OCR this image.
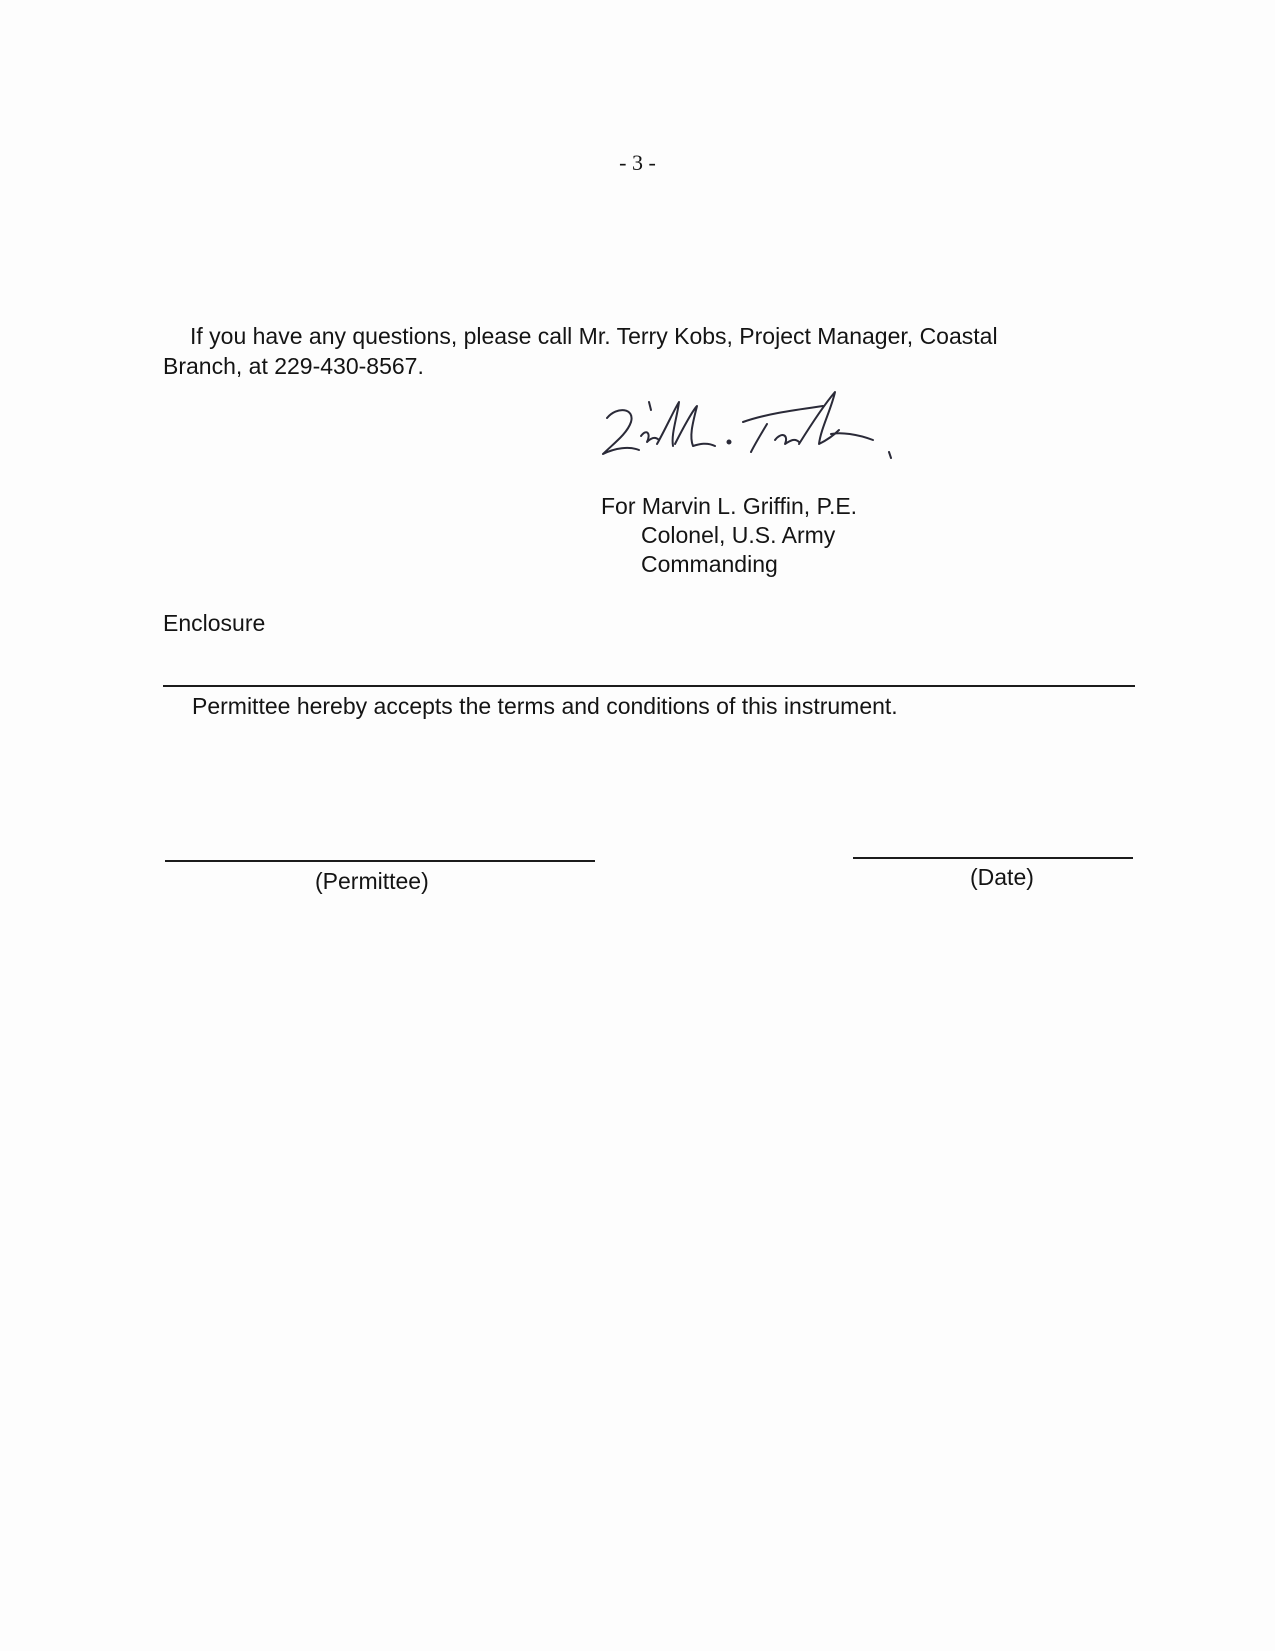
- 3 -
If you have any questions, please call Mr. Terry Kobs, Project Manager, Coastal
Branch, at 229-430-8567.
For Marvin L. Griffin, P.E.
Colonel, U.S. Army
Commanding
Enclosure
Permittee hereby accepts the terms and conditions of this instrument.
(Permittee)	(Date)
